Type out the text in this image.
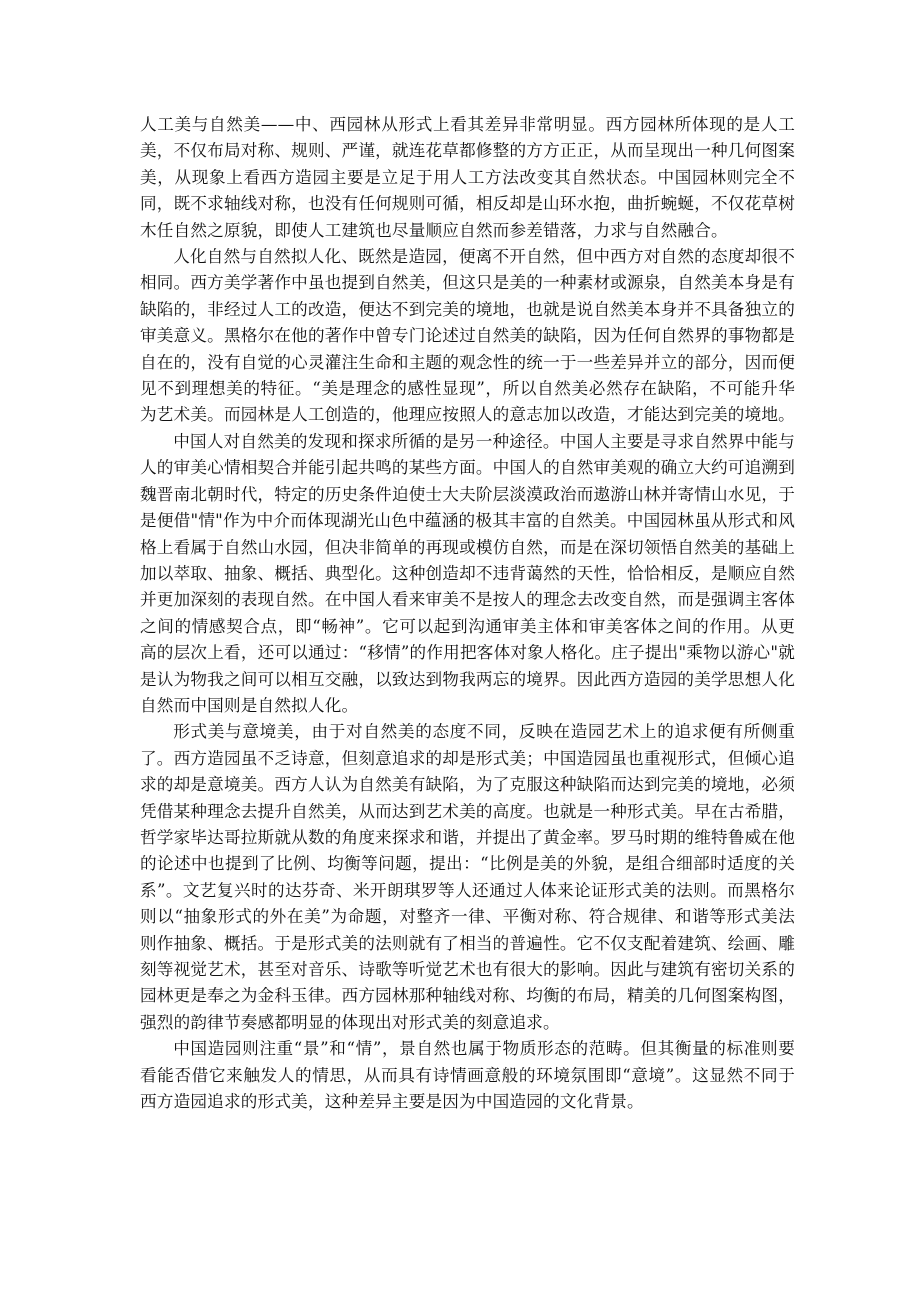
人工美与自然美——中、西园林从形式上看其差异非常明显。西方园林所体现的是人工美，不仅布局对称、规则、严谨，就连花草都修整的方方正正，从而呈现出一种几何图案美，从现象上看西方造园主要是立足于用人工方法改变其自然状态。中国园林则完全不同，既不求轴线对称，也没有任何规则可循，相反却是山环水抱，曲折蜿蜒，不仅花草树木任自然之原貌，即使人工建筑也尽量顺应自然而参差错落，力求与自然融合。

人化自然与自然拟人化、既然是造园，便离不开自然，但中西方对自然的态度却很不相同。西方美学著作中虽也提到自然美，但这只是美的一种素材或源泉，自然美本身是有缺陷的，非经过人工的改造，便达不到完美的境地，也就是说自然美本身并不具备独立的审美意义。黑格尔在他的著作中曾专门论述过自然美的缺陷，因为任何自然界的事物都是自在的，没有自觉的心灵灌注生命和主题的观念性的统一于一些差异并立的部分，因而便见不到理想美的特征。“美是理念的感性显现”，所以自然美必然存在缺陷，不可能升华为艺术美。而园林是人工创造的，他理应按照人的意志加以改造，才能达到完美的境地。

中国人对自然美的发现和探求所循的是另一种途径。中国人主要是寻求自然界中能与人的审美心情相契合并能引起共鸣的某些方面。中国人的自然审美观的确立大约可追溯到魏晋南北朝时代，特定的历史条件迫使士大夫阶层淡漠政治而遨游山林并寄情山水见，于是便借"情"作为中介而体现湖光山色中蕴涵的极其丰富的自然美。中国园林虽从形式和风格上看属于自然山水园，但决非简单的再现或模仿自然，而是在深切领悟自然美的基础上加以萃取、抽象、概括、典型化。这种创造却不违背蔼然的天性，恰恰相反，是顺应自然并更加深刻的表现自然。在中国人看来审美不是按人的理念去改变自然，而是强调主客体之间的情感契合点，即“畅神”。它可以起到沟通审美主体和审美客体之间的作用。从更高的层次上看，还可以通过：“移情”的作用把客体对象人格化。庄子提出"乘物以游心"就是认为物我之间可以相互交融，以致达到物我两忘的境界。因此西方造园的美学思想人化自然而中国则是自然拟人化。

形式美与意境美，由于对自然美的态度不同，反映在造园艺术上的追求便有所侧重了。西方造园虽不乏诗意，但刻意追求的却是形式美；中国造园虽也重视形式，但倾心追求的却是意境美。西方人认为自然美有缺陷，为了克服这种缺陷而达到完美的境地，必须凭借某种理念去提升自然美，从而达到艺术美的高度。也就是一种形式美。早在古希腊，哲学家毕达哥拉斯就从数的角度来探求和谐，并提出了黄金率。罗马时期的维特鲁威在他的论述中也提到了比例、均衡等问题，提出：“比例是美的外貌，是组合细部时适度的关系”。文艺复兴时的达芬奇、米开朗琪罗等人还通过人体来论证形式美的法则。而黑格尔则以“抽象形式的外在美”为命题，对整齐一律、平衡对称、符合规律、和谐等形式美法则作抽象、概括。于是形式美的法则就有了相当的普遍性。它不仅支配着建筑、绘画、雕刻等视觉艺术，甚至对音乐、诗歌等听觉艺术也有很大的影响。因此与建筑有密切关系的园林更是奉之为金科玉律。西方园林那种轴线对称、均衡的布局，精美的几何图案构图，强烈的韵律节奏感都明显的体现出对形式美的刻意追求。

中国造园则注重“景”和“情”，景自然也属于物质形态的范畴。但其衡量的标准则要看能否借它来触发人的情思，从而具有诗情画意般的环境氛围即“意境”。这显然不同于西方造园追求的形式美，这种差异主要是因为中国造园的文化背景。
